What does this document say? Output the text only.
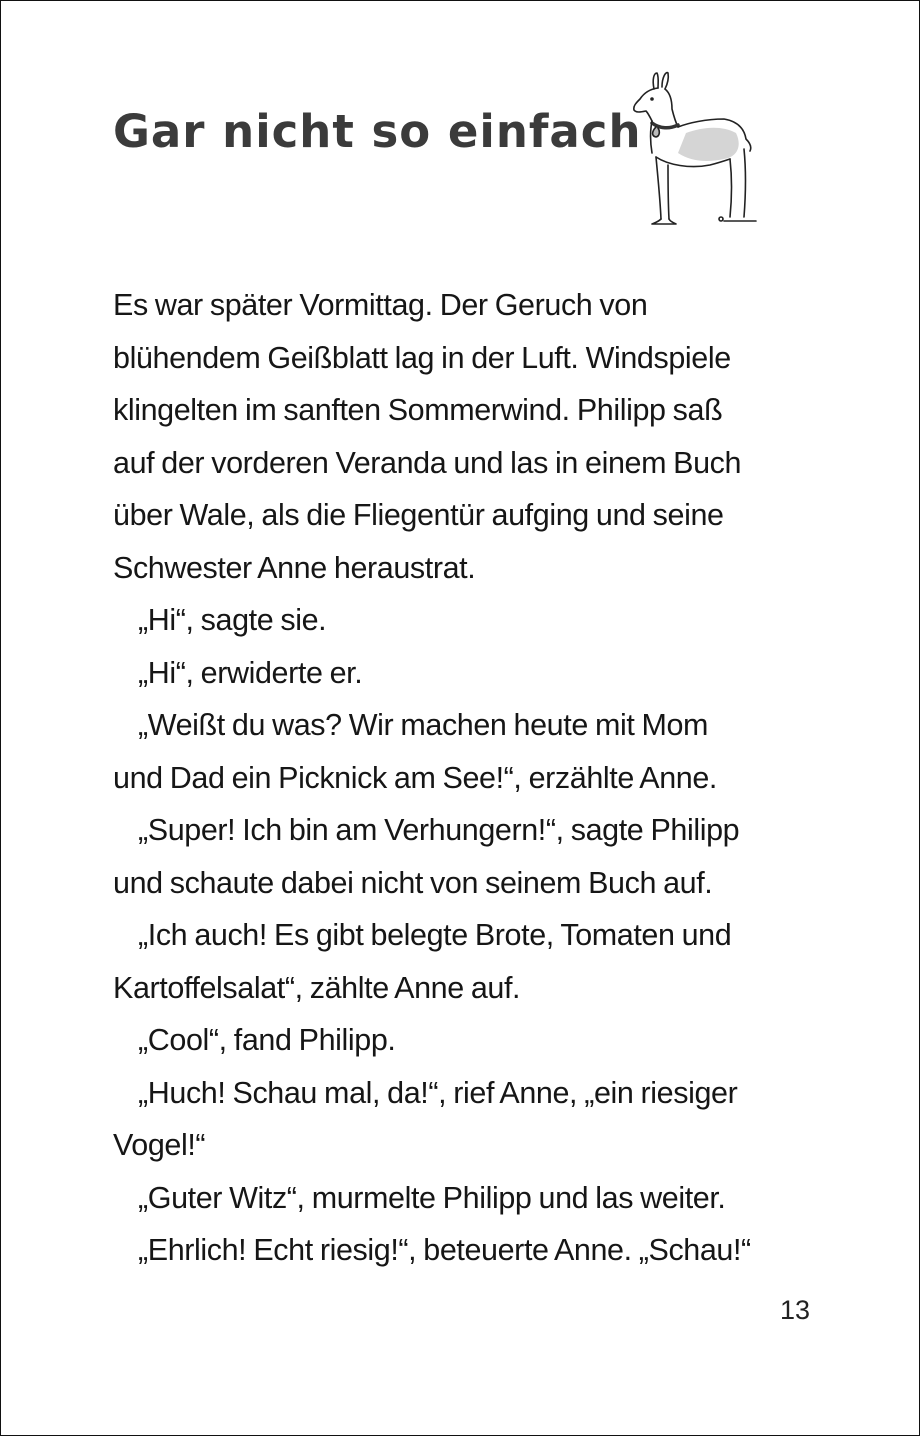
Gar nicht so einfach
Es war später Vormittag. Der Geruch von
blühendem Geißblatt lag in der Luft. Windspiele
klingelten im sanften Sommerwind. Philipp saß
auf der vorderen Veranda und las in einem Buch
über Wale, als die Fliegentür aufging und seine
Schwester Anne heraustrat.
„Hi“, sagte sie.
„Hi“, erwiderte er.
„Weißt du was? Wir machen heute mit Mom
und Dad ein Picknick am See!“, erzählte Anne.
„Super! Ich bin am Verhungern!“, sagte Philipp
und schaute dabei nicht von seinem Buch auf.
„Ich auch! Es gibt belegte Brote, Tomaten und
Kartoffelsalat“, zählte Anne auf.
„Cool“, fand Philipp.
„Huch! Schau mal, da!“, rief Anne, „ein riesiger
Vogel!“
„Guter Witz“, murmelte Philipp und las weiter.
„Ehrlich! Echt riesig!“, beteuerte Anne. „Schau!“
13
